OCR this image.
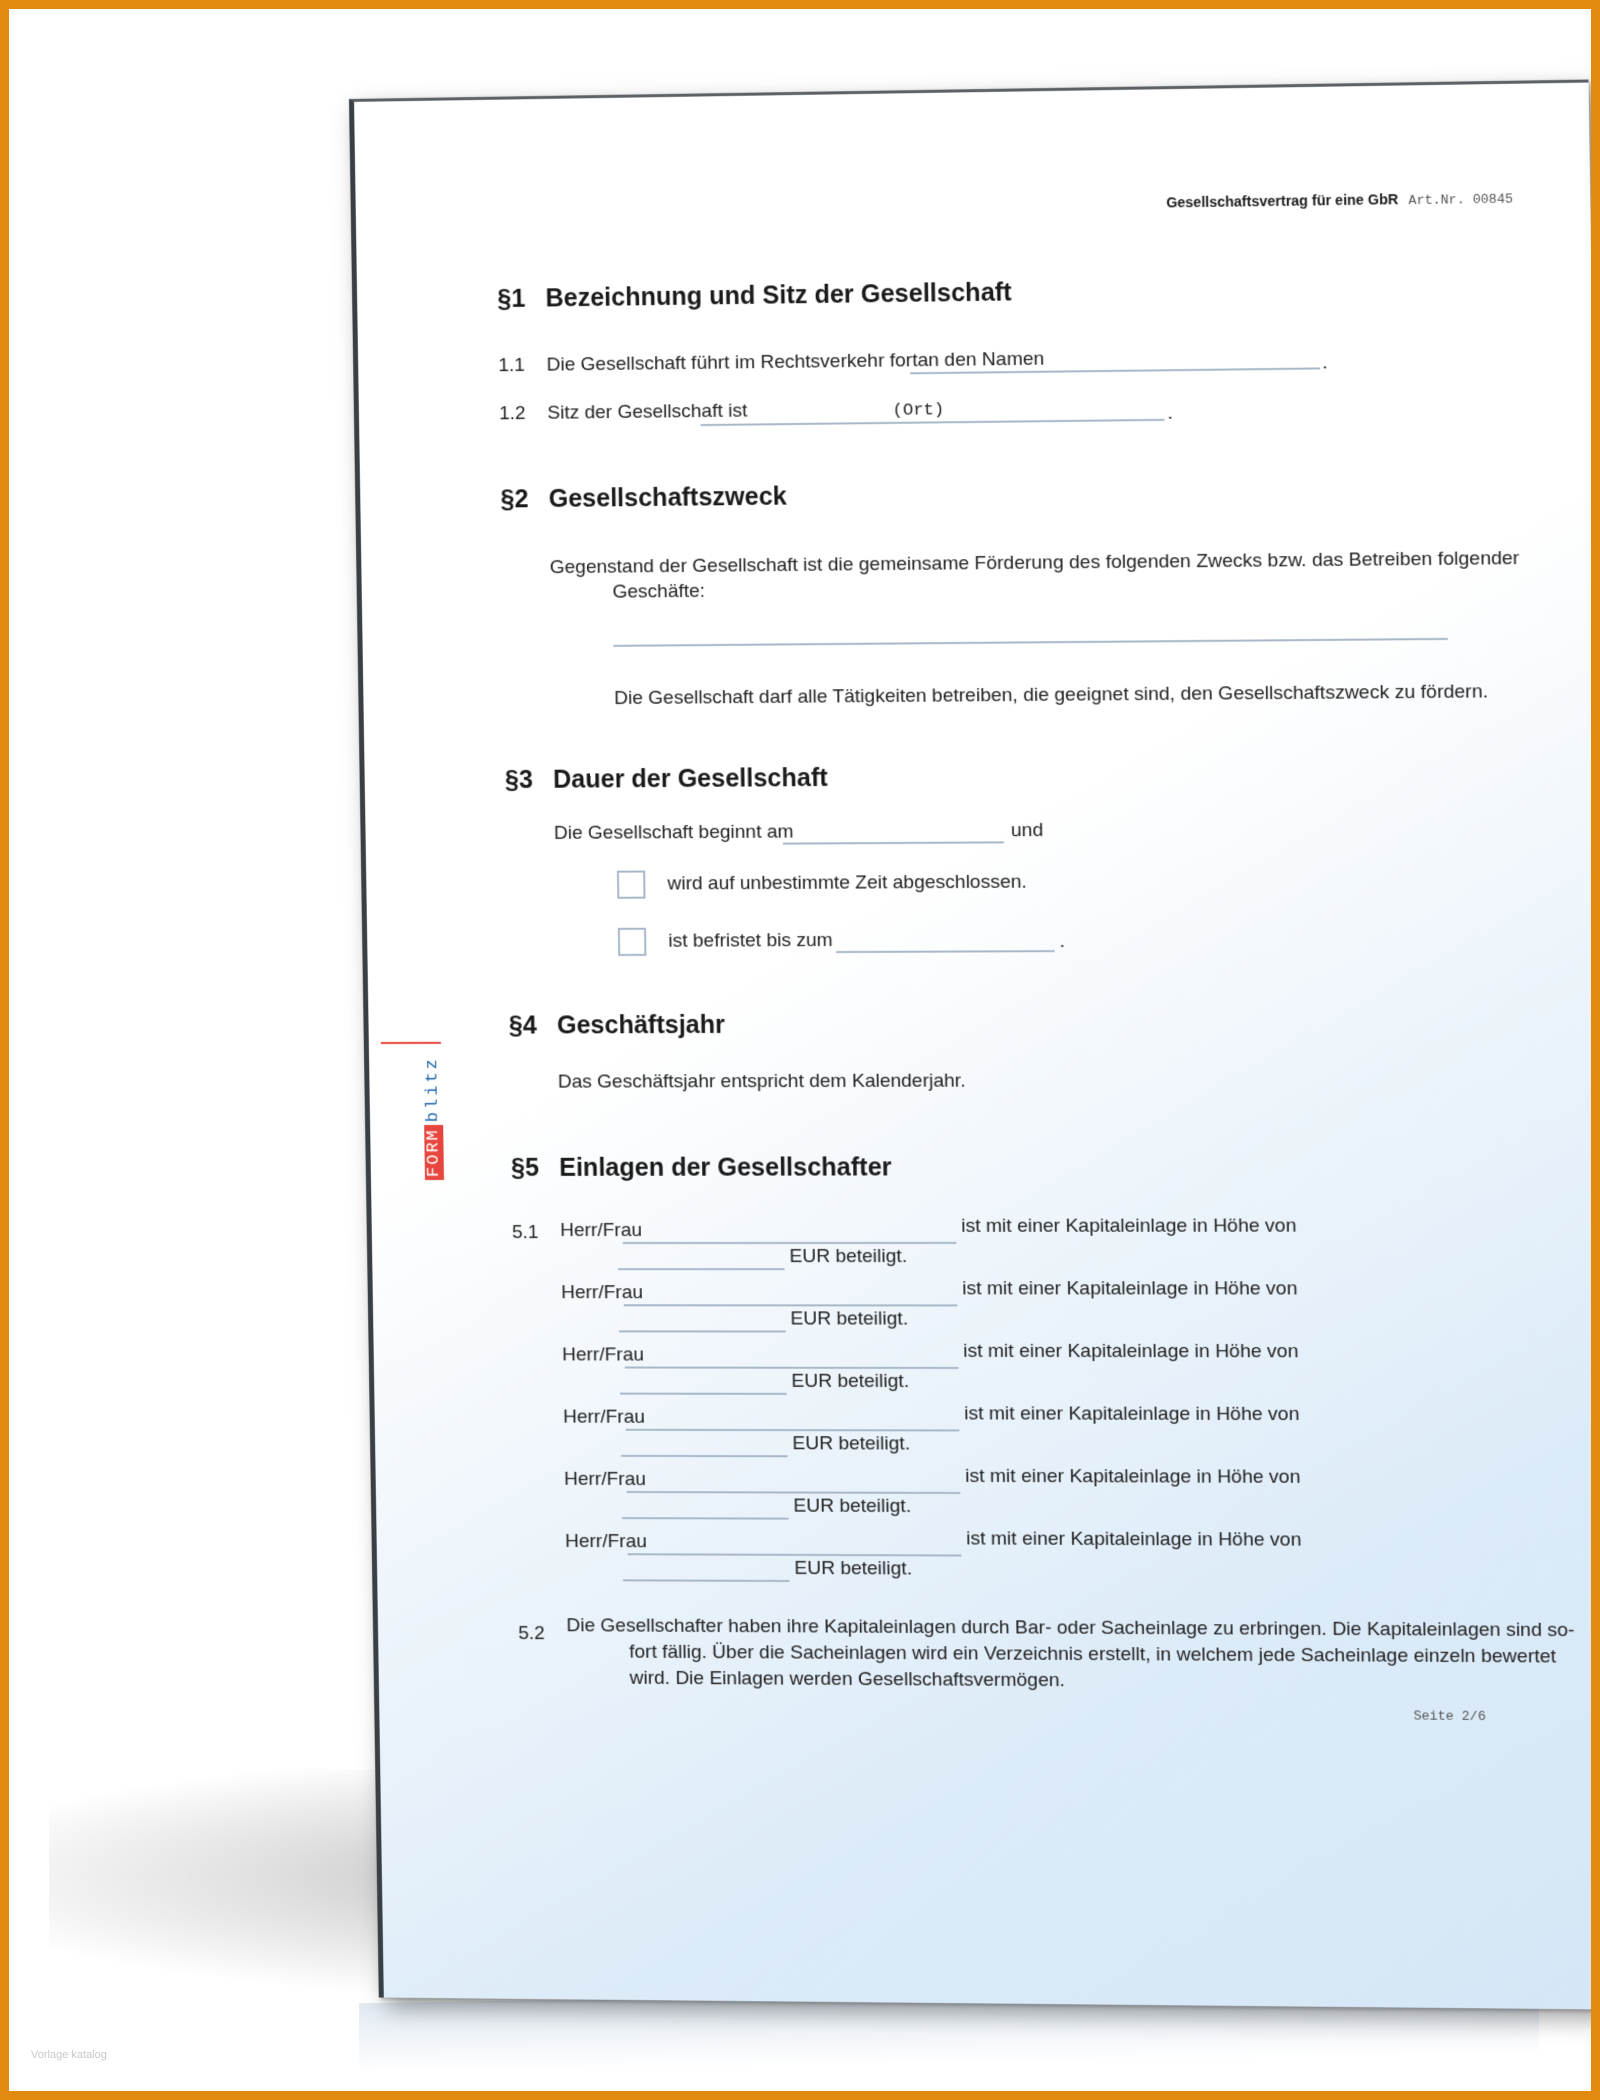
Gesellschaftsvertrag für eine GbR Art.Nr. 00845
FORMblitz
§1 Bezeichnung und Sitz der Gesellschaft
1.1 Die Gesellschaft führt im Rechtsverkehr fortan den Namen	.
1.2 Sitz der Gesellschaft ist	(Ort)	.
§2 Gesellschaftszweck
Gegenstand der Gesellschaft ist die gemeinsame Förderung des folgenden Zwecks bzw. das Betreiben folgender
Geschäfte:
Die Gesellschaft darf alle Tätigkeiten betreiben, die geeignet sind, den Gesellschaftszweck zu fördern.
§3 Dauer der Gesellschaft
Die Gesellschaft beginnt am	und
wird auf unbestimmte Zeit abgeschlossen.
ist befristet bis zum	.
§4 Geschäftsjahr
Das Geschäftsjahr entspricht dem Kalenderjahr.
§5 Einlagen der Gesellschafter
5.1 Herr/Frau	ist mit einer Kapitaleinlage in Höhe von
EUR beteiligt.
Herr/Frau	ist mit einer Kapitaleinlage in Höhe von
EUR beteiligt.
Herr/Frau	ist mit einer Kapitaleinlage in Höhe von
EUR beteiligt.
Herr/Frau	ist mit einer Kapitaleinlage in Höhe von
EUR beteiligt.
Herr/Frau	ist mit einer Kapitaleinlage in Höhe von
EUR beteiligt.
Herr/Frau	ist mit einer Kapitaleinlage in Höhe von
EUR beteiligt.
5.2 Die Gesellschafter haben ihre Kapitaleinlagen durch Bar- oder Sacheinlage zu erbringen. Die Kapitaleinlagen sind so-
fort fällig. Über die Sacheinlagen wird ein Verzeichnis erstellt, in welchem jede Sacheinlage einzeln bewertet
wird. Die Einlagen werden Gesellschaftsvermögen.
Seite 2/6
Vorlage katalog
